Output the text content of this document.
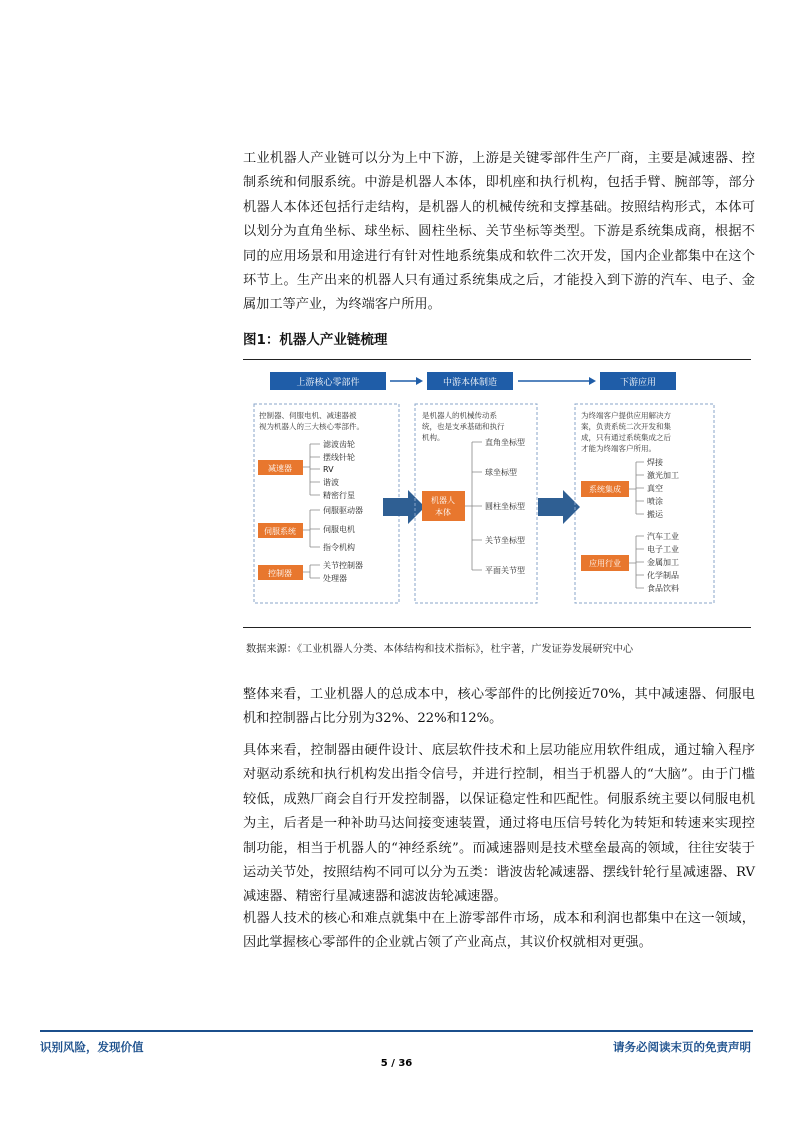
工业机器人产业链可以分为上中下游，上游是关键零部件生产厂商，主要是减速器、控制系统和伺服系统。中游是机器人本体，即机座和执行机构，包括手臂、腕部等，部分机器人本体还包括行走结构，是机器人的机械传统和支撑基础。按照结构形式，本体可以划分为直角坐标、球坐标、圆柱坐标、关节坐标等类型。下游是系统集成商，根据不同的应用场景和用途进行有针对性地系统集成和软件二次开发，国内企业都集中在这个环节上。生产出来的机器人只有通过系统集成之后，才能投入到下游的汽车、电子、金属加工等产业，为终端客户所用。

图1：机器人产业链梳理

上游核心零部件	中游本体制造	下游应用
控制器、伺服电机、减速器被
视为机器人的三大核心零部件。
减速器
滤波齿轮
摆线针轮
RV
谐波
精密行星
伺服系统
伺服驱动器
伺服电机
指令机构
控制器
关节控制器
处理器
是机器人的机械传动系
统，也是支承基础和执行
机构。
机器人
本体
直角坐标型
球坐标型
圆柱坐标型
关节坐标型
平面关节型
为终端客户提供应用解决方
案，负责系统二次开发和集
成，只有通过系统集成之后
才能为终端客户所用。
系统集成
焊接
激光加工
真空
喷涂
搬运
应用行业
汽车工业
电子工业
金属加工
化学制品
食品饮料

数据来源：《工业机器人分类、本体结构和技术指标》，杜宇著，广发证券发展研究中心

整体来看，工业机器人的总成本中，核心零部件的比例接近70%，其中减速器、伺服电机和控制器占比分别为32%、22%和12%。

具体来看，控制器由硬件设计、底层软件技术和上层功能应用软件组成，通过输入程序对驱动系统和执行机构发出指令信号，并进行控制，相当于机器人的“大脑”。由于门槛较低，成熟厂商会自行开发控制器，以保证稳定性和匹配性。伺服系统主要以伺服电机为主，后者是一种补助马达间接变速装置，通过将电压信号转化为转矩和转速来实现控制功能，相当于机器人的“神经系统”。而减速器则是技术壁垒最高的领域，往往安装于运动关节处，按照结构不同可以分为五类：谐波齿轮减速器、摆线针轮行星减速器、RV减速器、精密行星减速器和滤波齿轮减速器。

机器人技术的核心和难点就集中在上游零部件市场，成本和利润也都集中在这一领域，因此掌握核心零部件的企业就占领了产业高点，其议价权就相对更强。

识别风险，发现价值	请务必阅读末页的免责声明

5 / 36
